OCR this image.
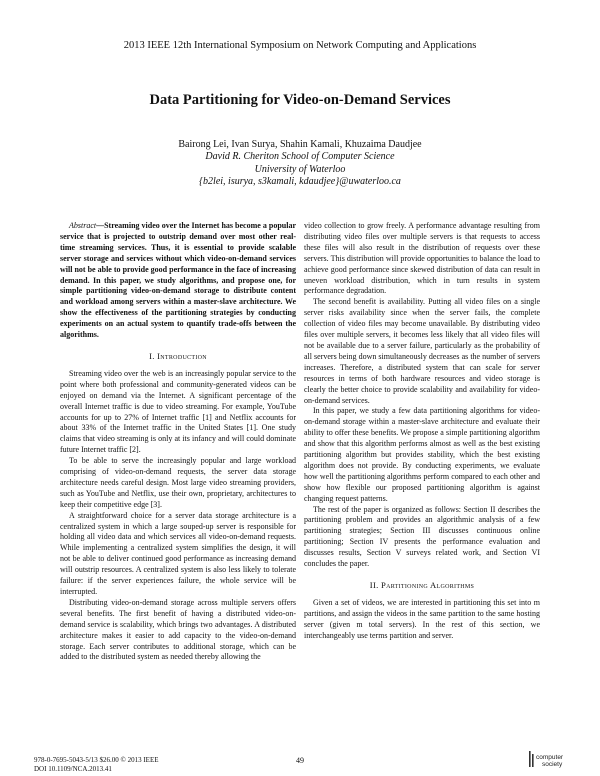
2013 IEEE 12th International Symposium on Network Computing and Applications
Data Partitioning for Video-on-Demand Services
Bairong Lei, Ivan Surya, Shahin Kamali, Khuzaima Daudjee
David R. Cheriton School of Computer Science
University of Waterloo
{b2lei, isurya, s3kamali, kdaudjee}@uwaterloo.ca

Abstract—Streaming video over the Internet has become a popular service that is projected to outstrip demand over most other real-time streaming services. Thus, it is essential to provide scalable server storage and services without which video-on-demand services will not be able to provide good performance in the face of increasing demand. In this paper, we study algorithms, and propose one, for simple partitioning video-on-demand storage to distribute content and workload among servers within a master-slave architecture. We show the effectiveness of the partitioning strategies by conducting experiments on an actual system to quantify trade-offs between the algorithms.

I. Introduction

Streaming video over the web is an increasingly popular service to the point where both professional and community-generated videos can be enjoyed on demand via the Internet. A significant percentage of the overall Internet traffic is due to video streaming. For example, YouTube accounts for up to 27% of Internet traffic [1] and Netflix accounts for about 33% of the Internet traffic in the United States [1]. One study claims that video streaming is only at its infancy and will could dominate future Internet traffic [2].

To be able to serve the increasingly popular and large workload comprising of video-on-demand requests, the server data storage architecture needs careful design. Most large video streaming providers, such as YouTube and Netflix, use their own, proprietary, architectures to keep their competitive edge [3].

A straightforward choice for a server data storage architecture is a centralized system in which a large souped-up server is responsible for holding all video data and which services all video-on-demand requests. While implementing a centralized system simplifies the design, it will not be able to deliver continued good performance as increasing demand will outstrip resources. A centralized system is also less likely to tolerate failure: if the server experiences failure, the whole service will be interrupted.

Distributing video-on-demand storage across multiple servers offers several benefits. The first benefit of having a distributed video-on-demand service is scalability, which brings two advantages. A distributed architecture makes it easier to add capacity to the video-on-demand storage. Each server contributes to additional storage, which can be added to the distributed system as needed thereby allowing the

video collection to grow freely. A performance advantage resulting from distributing video files over multiple servers is that requests to access these files will also result in the distribution of requests over these servers. This distribution will provide opportunities to balance the load to achieve good performance since skewed distribution of data can result in uneven workload distribution, which in turn results in system performance degradation.

The second benefit is availability. Putting all video files on a single server risks availability since when the server fails, the complete collection of video files may become unavailable. By distributing video files over multiple servers, it becomes less likely that all video files will not be available due to a server failure, particularly as the probability of all servers being down simultaneously decreases as the number of servers increases. Therefore, a distributed system that can scale for server resources in terms of both hardware resources and video storage is clearly the better choice to provide scalability and availability for video-on-demand services.

In this paper, we study a few data partitioning algorithms for video-on-demand storage within a master-slave architecture and evaluate their ability to offer these benefits. We propose a simple partitioning algorithm and show that this algorithm performs almost as well as the best existing partitioning algorithm but provides stability, which the best existing algorithm does not provide. By conducting experiments, we evaluate how well the partitioning algorithms perform compared to each other and show how flexible our proposed partitioning algorithm is against changing request patterns.

The rest of the paper is organized as follows: Section II describes the partitioning problem and provides an algorithmic analysis of a few partitioning strategies; Section III discusses continuous online partitioning; Section IV presents the performance evaluation and discusses results, Section V surveys related work, and Section VI concludes the paper.

II. Partitioning Algorithms

Given a set of videos, we are interested in partitioning this set into m partitions, and assign the videos in the same partition to the same hosting server (given m total servers). In the rest of this section, we interchangeably use terms partition and server.

978-0-7695-5043-5/13 $26.00 © 2013 IEEE
DOI 10.1109/NCA.2013.41
49	computer
society
